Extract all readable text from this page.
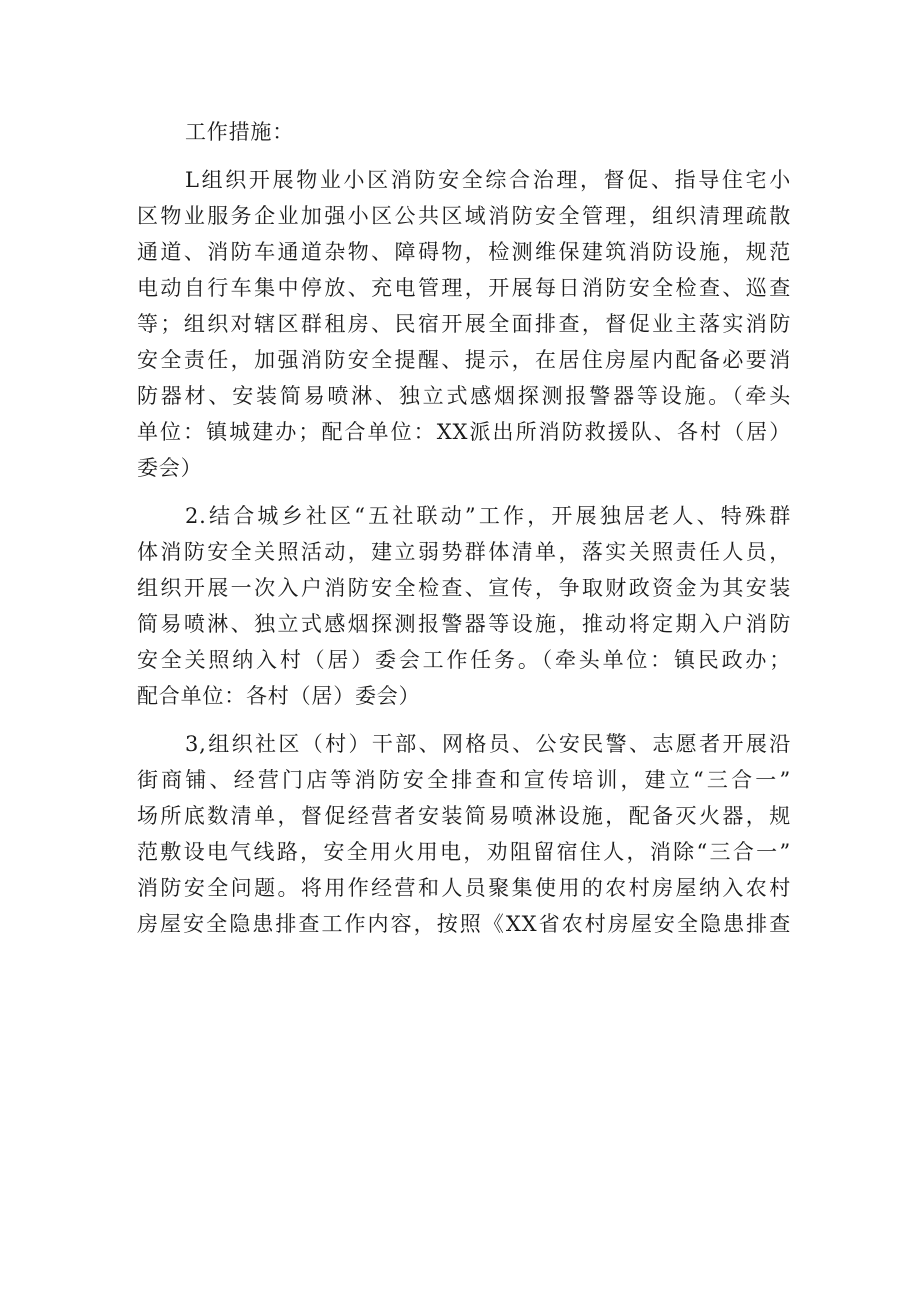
工作措施：
L组织开展物业小区消防安全综合治理，督促、指导住宅小
区物业服务企业加强小区公共区域消防安全管理，组织清理疏散
通道、消防车通道杂物、障碍物，检测维保建筑消防设施，规范
电动自行车集中停放、充电管理，开展每日消防安全检查、巡查
等；组织对辖区群租房、民宿开展全面排查，督促业主落实消防
安全责任，加强消防安全提醒、提示，在居住房屋内配备必要消
防器材、安装简易喷淋、独立式感烟探测报警器等设施。（牵头
单位：镇城建办；配合单位：XX派出所消防救援队、各村（居）
委会）
2.结合城乡社区“五社联动”工作，开展独居老人、特殊群
体消防安全关照活动，建立弱势群体清单，落实关照责任人员，
组织开展一次入户消防安全检查、宣传，争取财政资金为其安装
简易喷淋、独立式感烟探测报警器等设施，推动将定期入户消防
安全关照纳入村（居）委会工作任务。（牵头单位：镇民政办；
配合单位：各村（居）委会）
3,组织社区（村）干部、网格员、公安民警、志愿者开展沿
街商铺、经营门店等消防安全排查和宣传培训，建立“三合一”
场所底数清单，督促经营者安装简易喷淋设施，配备灭火器，规
范敷设电气线路，安全用火用电，劝阻留宿住人，消除“三合一”
消防安全问题。将用作经营和人员聚集使用的农村房屋纳入农村
房屋安全隐患排查工作内容，按照《XX省农村房屋安全隐患排查
